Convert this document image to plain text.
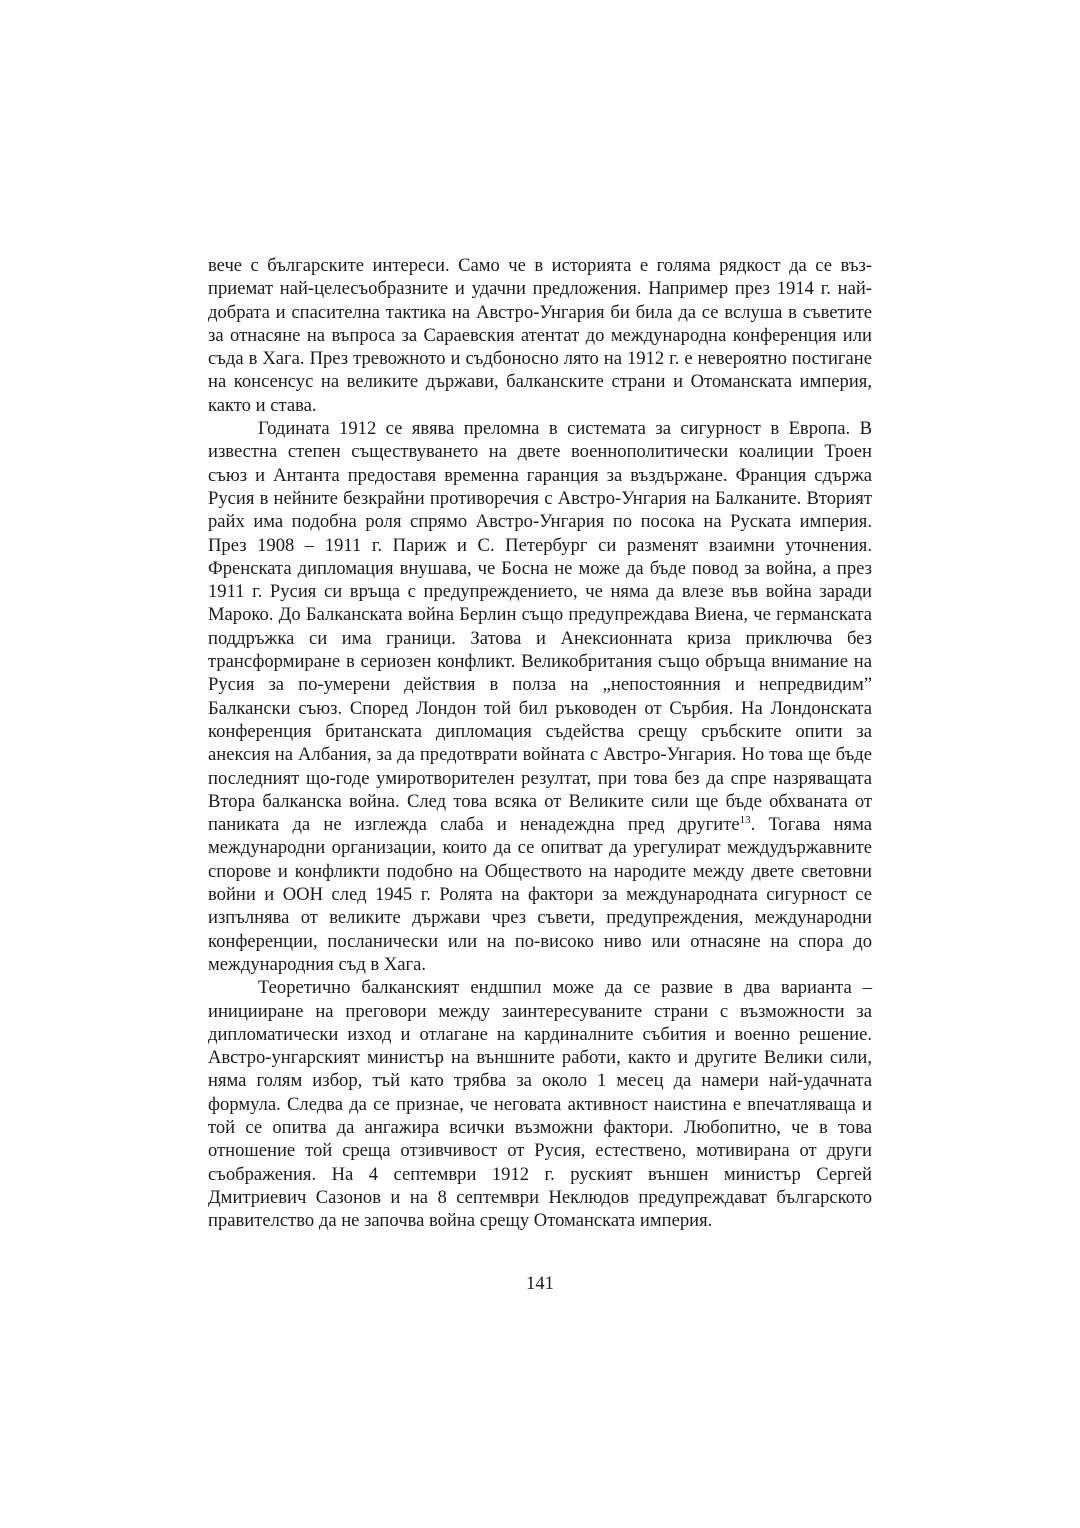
вече с българските интереси. Само че в историята е голяма рядкост да се възприемат най-целесъобразните и удачни предложения. Например през 1914 г. най-добрата и спасителна тактика на Австро-Унгария би била да се вслуша в съветите за отнасяне на въпроса за Сараевския атентат до международна конференция или съда в Хага. През тревожното и съдбоносно лято на 1912 г. е невероятно постигане на консенсус на великите държави, балканските страни и Отоманската империя, както и става.

Годината 1912 се явява преломна в системата за сигурност в Европа. В известна степен съществуването на двете военнополитически коалиции Троен съюз и Антанта предоставя временна гаранция за въздържане. Франция сдържа Русия в нейните безкрайни противоречия с Австро-Унгария на Балканите. Вторият райх има подобна роля спрямо Австро-Унгария по посока на Руската империя. През 1908 – 1911 г. Париж и С. Петербург си разменят взаимни уточнения. Френската дипломация внушава, че Босна не може да бъде повод за война, а през 1911 г. Русия си връща с предупреждението, че няма да влезе във война заради Мароко. До Балканската война Берлин също предупреждава Виена, че германската поддръжка си има граници. Затова и Анексионната криза приключва без трансформиране в сериозен конфликт. Великобритания също обръща внимание на Русия за по-умерени действия в полза на „непостоянния и непредвидим” Балкански съюз. Според Лондон той бил ръководен от Сърбия. На Лондонската конференция британската дипломация съдейства срещу сръбските опити за анексия на Албания, за да предотврати войната с Австро-Унгария. Но това ще бъде последният що-годе умиротворителен резултат, при това без да спре назряващата Втора балканска война. След това всяка от Великите сили ще бъде обхваната от паниката да не изглежда слаба и ненадеждна пред другите$^{13}$. Тогава няма международни организации, които да се опитват да урегулират междудържавните спорове и конфликти подобно на Обществото на народите между двете световни войни и ООН след 1945 г. Ролята на фактори за международната сигурност се изпълнява от великите държави чрез съвети, предупреждения, международни конференции, посланически или на по-високо ниво или отнасяне на спора до международния съд в Хага.

Теоретично балканският ендшпил може да се развие в два варианта – иницииране на преговори между заинтересуваните страни с възможности за дипломатически изход и отлагане на кардиналните събития и военно решение. Австро-унгарският министър на външните работи, както и другите Велики сили, няма голям избор, тъй като трябва за около 1 месец да намери най-удачната формула. Следва да се признае, че неговата активност наистина е впечатляваща и той се опитва да ангажира всички възможни фактори. Любопитно, че в това отношение той среща отзивчивост от Русия, естествено, мотивирана от други съображения. На 4 септември 1912 г. руският външен министър Сергей Дмитриевич Сазонов и на 8 септември Неклюдов предупреждават българското правителство да не започва война срещу Отоманската империя.

141
